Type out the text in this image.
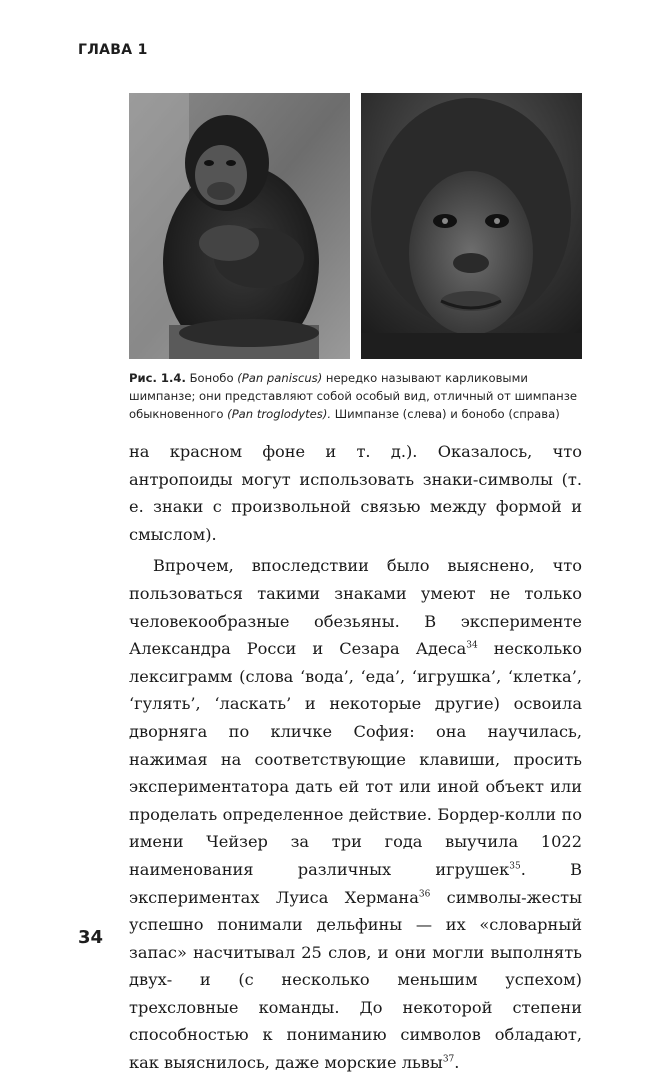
ГЛАВА 1
Рис. 1.4. Бонобо (Pan paniscus) нередко называют карликовыми шимпанзе; они представляют собой особый вид, отличный от шимпанзе обыкновенного (Pan troglodytes). Шимпанзе (слева) и бонобо (справа)

на красном фоне и т. д.). Оказалось, что антропоиды могут использовать знаки-символы (т. е. знаки с произвольной связью между формой и смыслом).

Впрочем, впоследствии было выяснено, что пользоваться такими знаками умеют не только человекообразные обезьяны. В эксперименте Александра Росси и Сезара Адеса$^{34}$ несколько лексиграмм (слова ‘вода’, ‘еда’, ‘игрушка’, ‘клетка’, ‘гулять’, ‘ласкать’ и некоторые другие) освоила дворняга по кличке София: она научилась, нажимая на соответствующие клавиши, просить экспериментатора дать ей тот или иной объект или проделать определенное действие. Бордер-колли по имени Чейзер за три года выучила 1022 наименования различных игрушек$^{35}$. В экспериментах Луиса Хермана$^{36}$ символы-жесты успешно понимали дельфины — их «словарный запас» насчитывал 25 слов, и они могли выполнять двух- и (с несколько меньшим успехом) трехсловные команды. До некоторой степени способностью к пониманию символов обладают, как выяснилось, даже морские львы$^{37}$.

34
